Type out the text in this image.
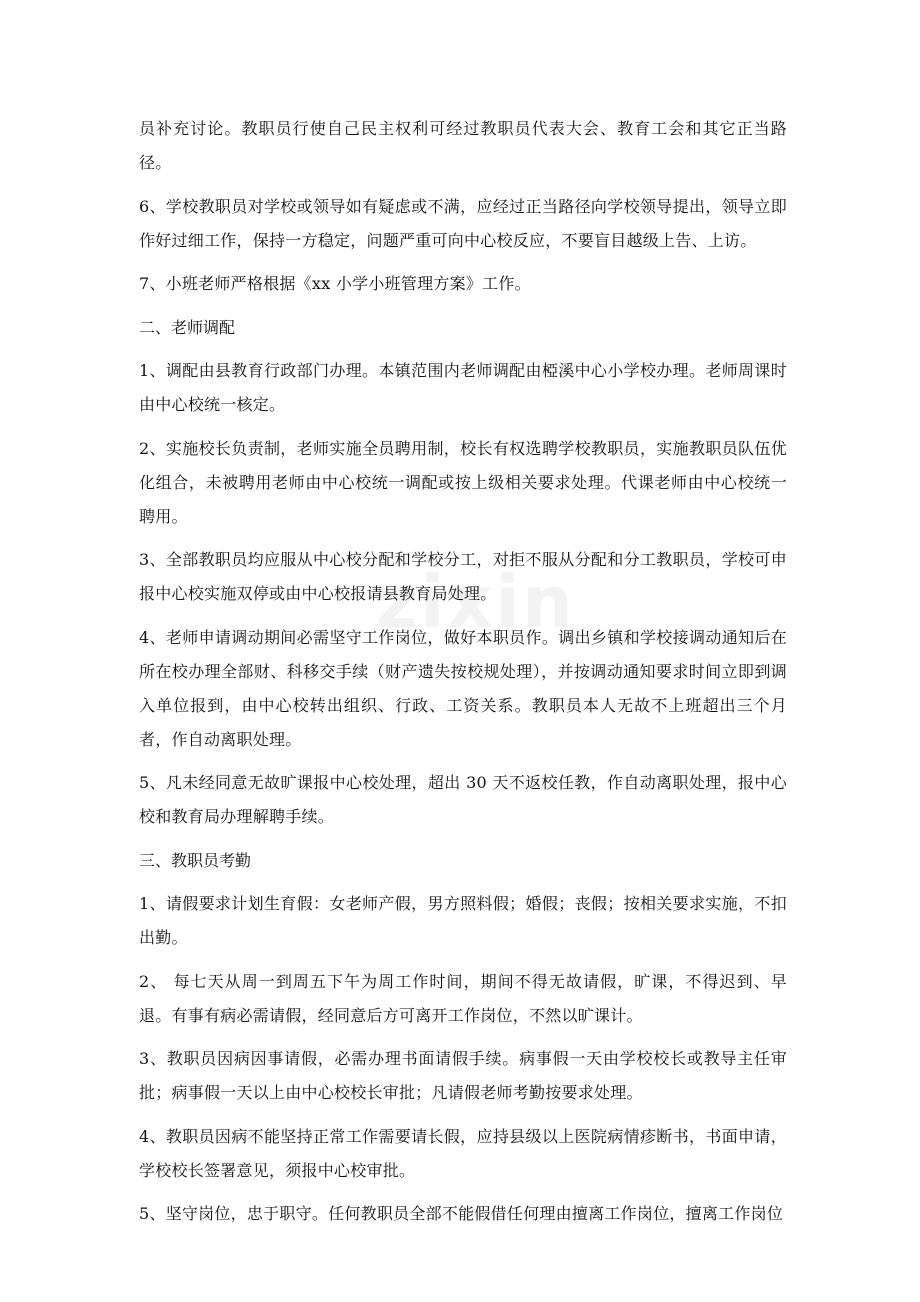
员补充讨论。教职员行使自己民主权利可经过教职员代表大会、教育工会和其它正当路径。

6、学校教职员对学校或领导如有疑虑或不满，应经过正当路径向学校领导提出，领导立即作好过细工作，保持一方稳定，问题严重可向中心校反应，不要盲目越级上告、上访。

7、小班老师严格根据《xx 小学小班管理方案》工作。

二、老师调配

1、调配由县教育行政部门办理。本镇范围内老师调配由椏溪中心小学校办理。老师周课时由中心校统一核定。

2、实施校长负责制，老师实施全员聘用制，校长有权选聘学校教职员，实施教职员队伍优化组合，未被聘用老师由中心校统一调配或按上级相关要求处理。代课老师由中心校统一聘用。

3、全部教职员均应服从中心校分配和学校分工，对拒不服从分配和分工教职员，学校可申报中心校实施双停或由中心校报请县教育局处理。

4、老师申请调动期间必需坚守工作岗位，做好本职员作。调出乡镇和学校接调动通知后在所在校办理全部财、科移交手续（财产遗失按校规处理），并按调动通知要求时间立即到调入单位报到，由中心校转出组织、行政、工资关系。教职员本人无故不上班超出三个月者，作自动离职处理。

5、凡未经同意无故旷课报中心校处理，超出 30 天不返校任教，作自动离职处理，报中心校和教育局办理解聘手续。

三、教职员考勤

1、请假要求计划生育假：女老师产假，男方照料假；婚假；丧假；按相关要求实施，不扣出勤。

2、 每七天从周一到周五下午为周工作时间，期间不得无故请假，旷课，不得迟到、早退。有事有病必需请假，经同意后方可离开工作岗位，不然以旷课计。

3、教职员因病因事请假，必需办理书面请假手续。病事假一天由学校校长或教导主任审批；病事假一天以上由中心校校长审批；凡请假老师考勤按要求处理。

4、教职员因病不能坚持正常工作需要请长假，应持县级以上医院病情疹断书，书面申请，学校校长签署意见，须报中心校审批。

5、坚守岗位，忠于职守。任何教职员全部不能假借任何理由擅离工作岗位，擅离工作岗位
